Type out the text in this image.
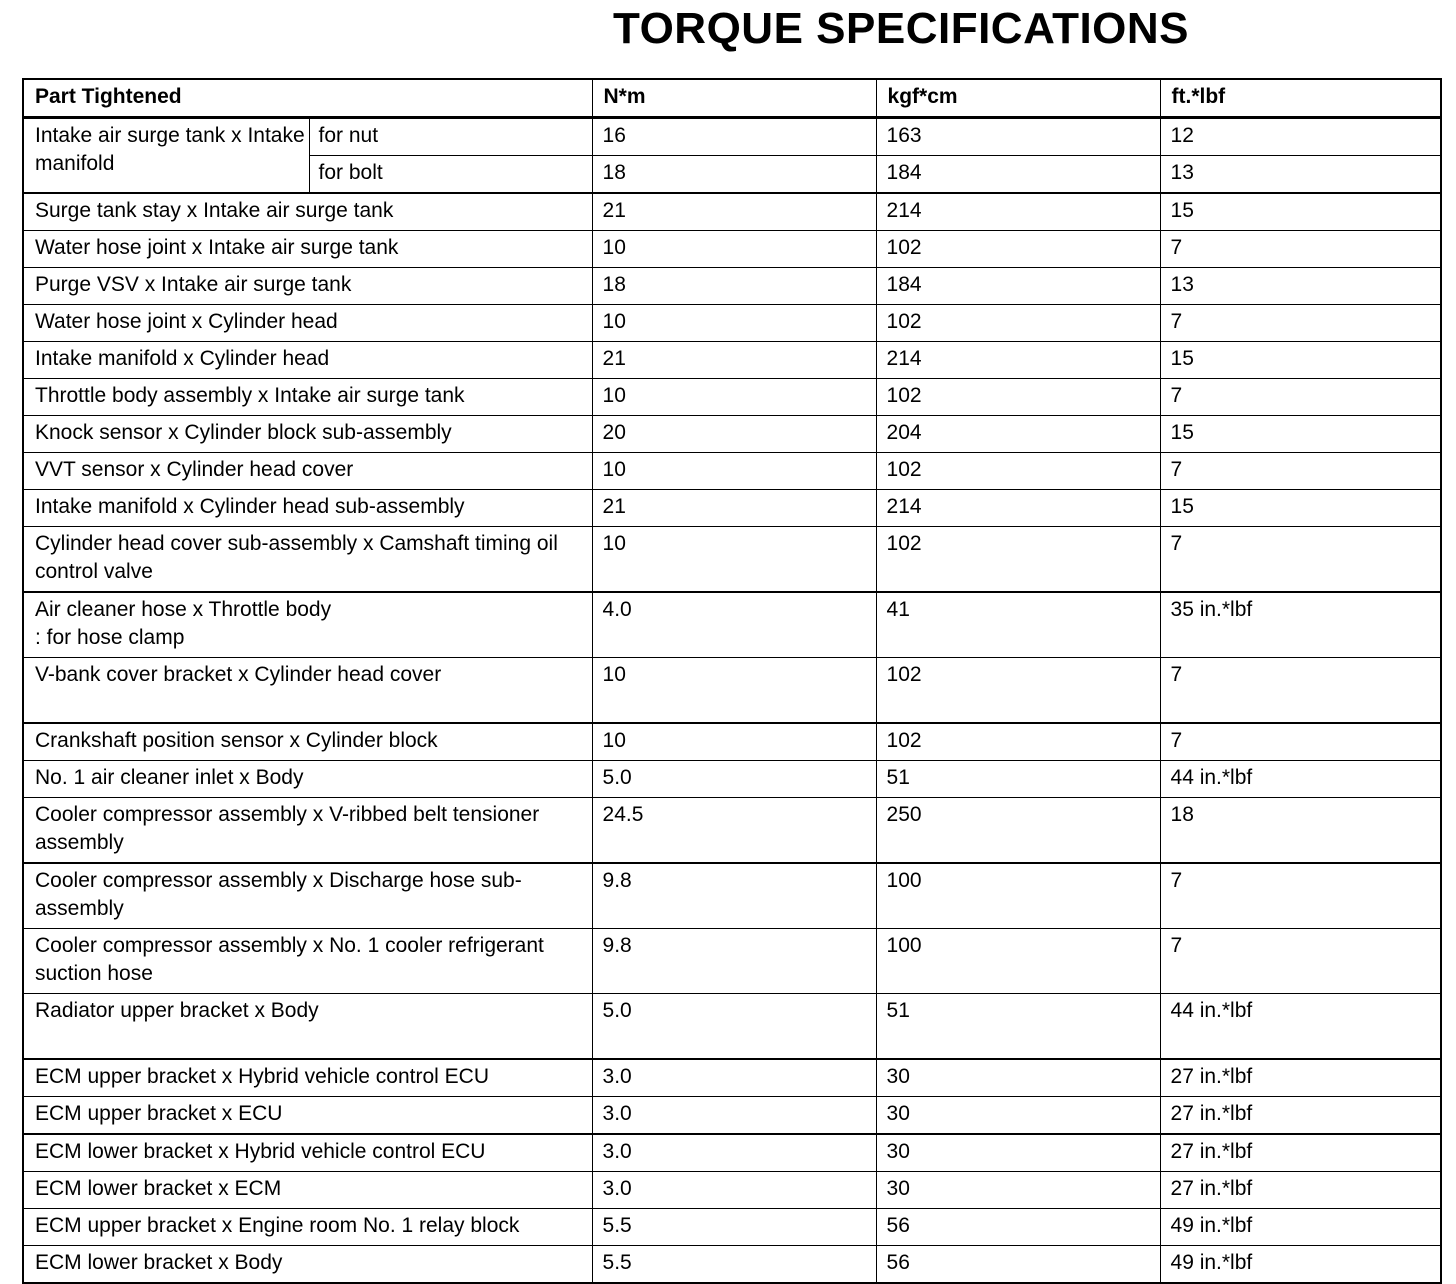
TORQUE SPECIFICATIONS
Part Tightened		N*m	kgf*cm	ft.*lbf
Intake air surge tank x Intake manifold	for nut	16	163	12
	for bolt	18	184	13

Surge tank stay x Intake air surge tank		21	214	15

Water hose joint x Intake air surge tank		10	102	7

Purge VSV x Intake air surge tank		18	184	13

Water hose joint x Cylinder head		10	102	7

Intake manifold x Cylinder head		21	214	15

Throttle body assembly x Intake air surge tank		10	102	7

Knock sensor x Cylinder block sub-assembly		20	204	15

VVT sensor x Cylinder head cover		10	102	7

Intake manifold x Cylinder head sub-assembly		21	214	15

Cylinder head cover sub-assembly x Camshaft timing oil control valve		10	102	7

Air cleaner hose x Throttle body
: for hose clamp		4.0	41	35 in.*lbf

V-bank cover bracket x Cylinder head cover		10	102	7

Crankshaft position sensor x Cylinder block		10	102	7

No. 1 air cleaner inlet x Body		5.0	51	44 in.*lbf

Cooler compressor assembly x V-ribbed belt tensioner assembly		24.5	250	18

Cooler compressor assembly x Discharge hose sub-assembly		9.8	100	7

Cooler compressor assembly x No. 1 cooler refrigerant suction hose		9.8	100	7

Radiator upper bracket x Body		5.0	51	44 in.*lbf

ECM upper bracket x Hybrid vehicle control ECU		3.0	30	27 in.*lbf

ECM upper bracket x ECU		3.0	30	27 in.*lbf

ECM lower bracket x Hybrid vehicle control ECU		3.0	30	27 in.*lbf

ECM lower bracket x ECM		3.0	30	27 in.*lbf

ECM upper bracket x Engine room No. 1 relay block		5.5	56	49 in.*lbf

ECM lower bracket x Body		5.5	56	49 in.*lbf
